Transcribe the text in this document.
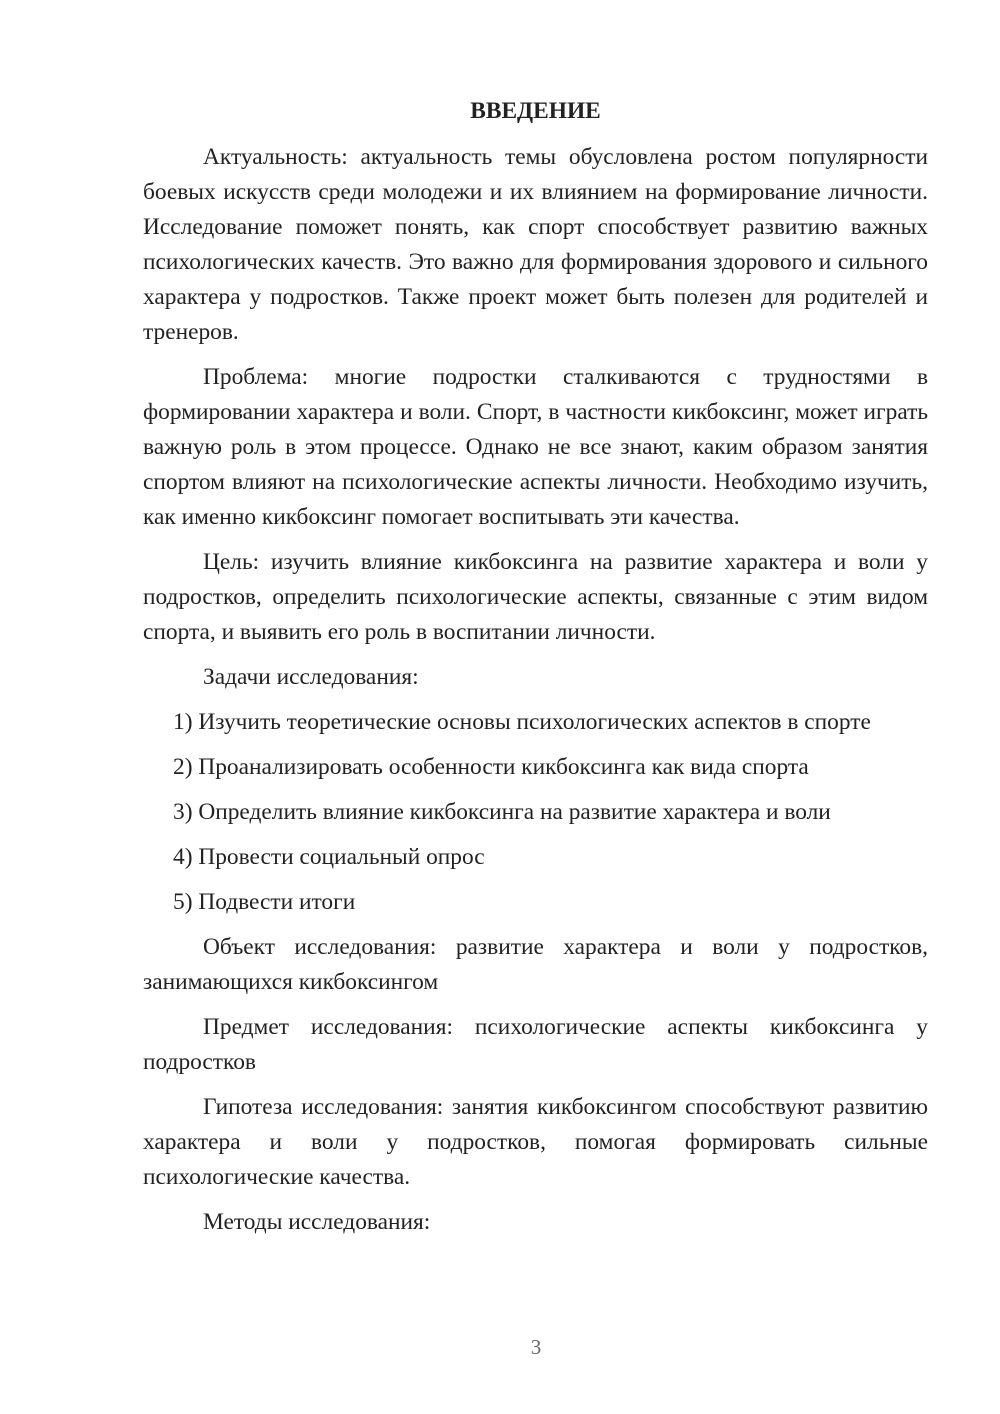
ВВЕДЕНИЕ

Актуальность: актуальность темы обусловлена ростом популярности боевых искусств среди молодежи и их влиянием на формирование личности. Исследование поможет понять, как спорт способствует развитию важных психологических качеств. Это важно для формирования здорового и сильного характера у подростков. Также проект может быть полезен для родителей и тренеров.

Проблема: многие подростки сталкиваются с трудностями в формировании характера и воли. Спорт, в частности кикбоксинг, может играть важную роль в этом процессе. Однако не все знают, каким образом занятия спортом влияют на психологические аспекты личности. Необходимо изучить, как именно кикбоксинг помогает воспитывать эти качества.

Цель: изучить влияние кикбоксинга на развитие характера и воли у подростков, определить психологические аспекты, связанные с этим видом спорта, и выявить его роль в воспитании личности.

Задачи исследования:

1) Изучить теоретические основы психологических аспектов в спорте
2) Проанализировать особенности кикбоксинга как вида спорта
3) Определить влияние кикбоксинга на развитие характера и воли
4) Провести социальный опрос
5) Подвести итоги

Объект исследования: развитие характера и воли у подростков, занимающихся кикбоксингом

Предмет исследования: психологические аспекты кикбоксинга у подростков

Гипотеза исследования: занятия кикбоксингом способствуют развитию характера и воли у подростков, помогая формировать сильные психологические качества.

Методы исследования:

3
